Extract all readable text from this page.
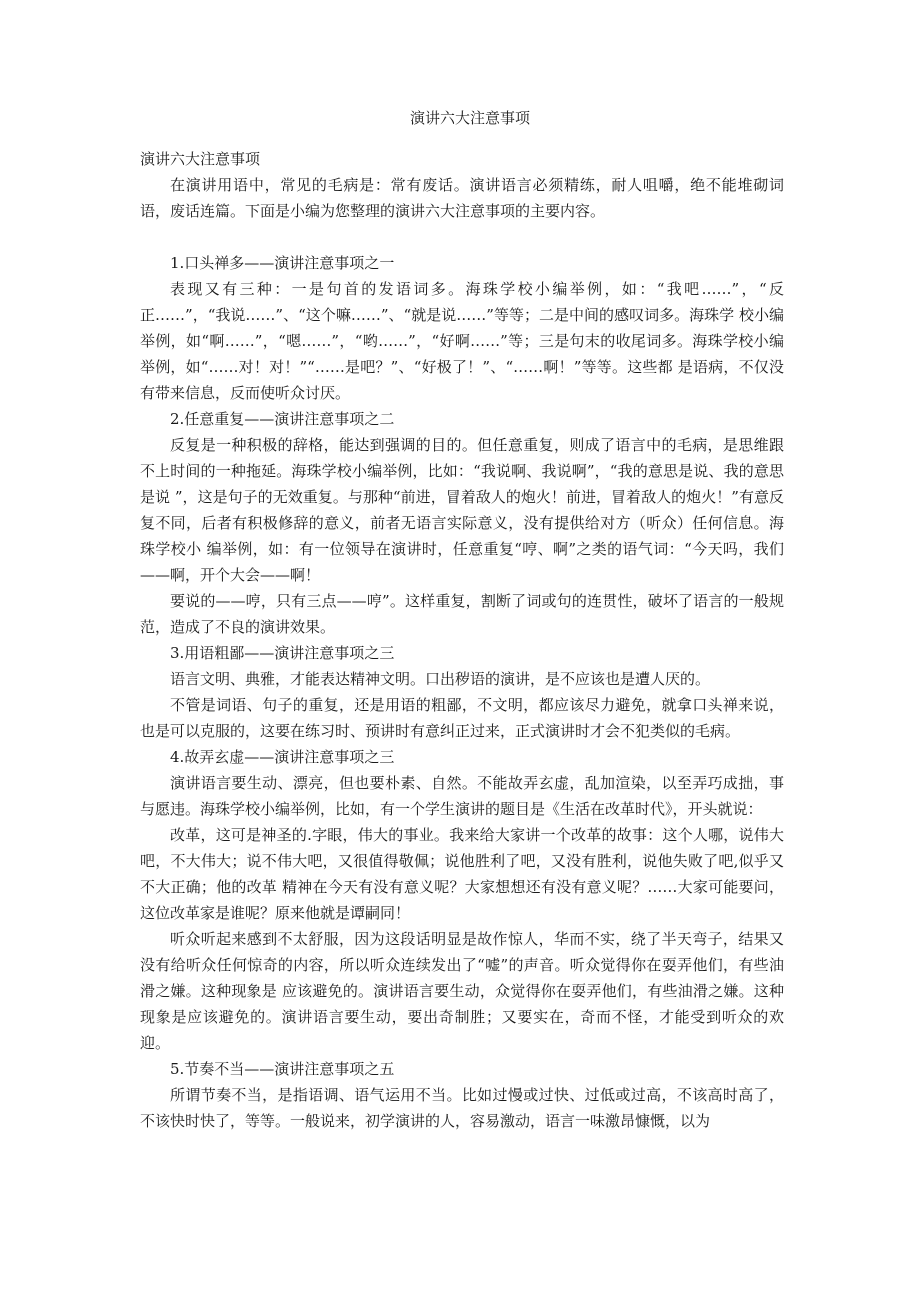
演讲六大注意事项
演讲六大注意事项

在演讲用语中，常见的毛病是：常有废话。演讲语言必须精练，耐人咀嚼，绝不能堆砌词语，废话连篇。下面是小编为您整理的演讲六大注意事项的主要内容。

1.口头禅多——演讲注意事项之一

表现又有三种：一是句首的发语词多。海珠学校小编举例，如：“我吧……”，“反正……”，“我说……”、“这个嘛……”、“就是说……”等等；二是中间的感叹词多。海珠学 校小编举例，如“啊……”，“嗯……”，“哟……”，“好啊……”等；三是句末的收尾词多。海珠学校小编举例，如“……对！对！”“……是吧？”、“好极了！”、“……啊！”等等。这些都 是语病，不仅没有带来信息，反而使听众讨厌。

2.任意重复——演讲注意事项之二

反复是一种积极的辞格，能达到强调的目的。但任意重复，则成了语言中的毛病，是思维跟不上时间的一种拖延。海珠学校小编举例，比如：“我说啊、我说啊”，“我的意思是说、我的意思是说 ”，这是句子的无效重复。与那种“前进，冒着敌人的炮火！前进，冒着敌人的炮火！”有意反复不同，后者有积极修辞的意义，前者无语言实际意义，没有提供给对方（听众）任何信息。海珠学校小 编举例，如：有一位领导在演讲时，任意重复“哼、啊”之类的语气词：“今天吗，我们——啊，开个大会——啊！

要说的——哼，只有三点——哼”。这样重复，割断了词或句的连贯性，破坏了语言的一般规范，造成了不良的演讲效果。

3.用语粗鄙——演讲注意事项之三

语言文明、典雅，才能表达精神文明。口出秽语的演讲，是不应该也是遭人厌的。

不管是词语、句子的重复，还是用语的粗鄙，不文明，都应该尽力避免，就拿口头禅来说，也是可以克服的，这要在练习时、预讲时有意纠正过来，正式演讲时才会不犯类似的毛病。

4.故弄玄虚——演讲注意事项之三

演讲语言要生动、漂亮，但也要朴素、自然。不能故弄玄虚，乱加渲染，以至弄巧成拙，事与愿违。海珠学校小编举例，比如，有一个学生演讲的题目是《生活在改革时代》，开头就说：

改革，这可是神圣的.字眼，伟大的事业。我来给大家讲一个改革的故事：这个人哪，说伟大吧，不大伟大；说不伟大吧，又很值得敬佩；说他胜利了吧，又没有胜利，说他失败了吧,似乎又不大正确；他的改革 精神在今天有没有意义呢？大家想想还有没有意义呢？……大家可能要问，这位改革家是谁呢？原来他就是谭嗣同！

听众听起来感到不太舒服，因为这段话明显是故作惊人，华而不实，绕了半天弯子，结果又没有给听众任何惊奇的内容，所以听众连续发出了“嘘”的声音。听众觉得你在耍弄他们，有些油滑之嫌。这种现象是 应该避免的。演讲语言要生动，众觉得你在耍弄他们，有些油滑之嫌。这种现象是应该避免的。演讲语言要生动，要出奇制胜；又要实在，奇而不怪，才能受到听众的欢迎。

5.节奏不当——演讲注意事项之五

所谓节奏不当，是指语调、语气运用不当。比如过慢或过快、过低或过高，不该高时高了，不该快时快了，等等。一般说来，初学演讲的人，容易激动，语言一味激昂慷慨，以为
